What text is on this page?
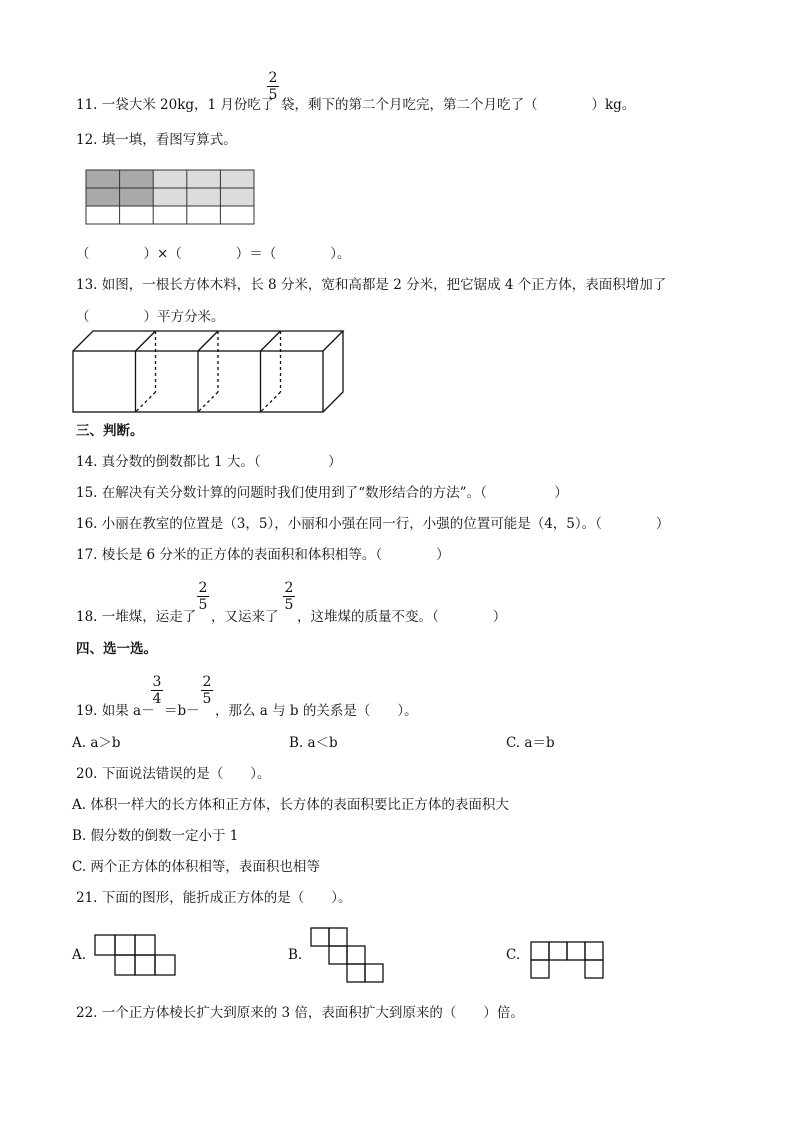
11. 一袋大米 20kg，1 月份吃了
2
5
袋，剩下的第二个月吃完，第二个月吃了（　　　　）kg。
12. 填一填，看图写算式。
（　　　　）×（　　　　）＝（　　　　）。
13. 如图，一根长方体木料，长 8 分米，宽和高都是 2 分米，把它锯成 4 个正方体，表面积增加了
（　　　　）平方分米。
三、判断。
14. 真分数的倒数都比 1 大。（　　　　　）
15. 在解决有关分数计算的问题时我们使用到了“数形结合的方法”。（　　　　　）
16. 小丽在教室的位置是（3，5），小丽和小强在同一行，小强的位置可能是（4，5）。（　　　　）
17. 棱长是 6 分米的正方体的表面积和体积相等。（　　　　）
18. 一堆煤，运走了
2
5
，又运来了
2
5
，这堆煤的质量不变。（　　　　）
四、选一选。
19. 如果 a－
3
4
＝b－
2
5
，那么 a 与 b 的关系是（　　）。
A. a＞b	B. a＜b	C. a＝b
20. 下面说法错误的是（　　）。
A. 体积一样大的长方体和正方体，长方体的表面积要比正方体的表面积大
B. 假分数的倒数一定小于 1
C. 两个正方体的体积相等，表面积也相等
21. 下面的图形，能折成正方体的是（　　）。
A.	B.	C.
22. 一个正方体棱长扩大到原来的 3 倍，表面积扩大到原来的（　　）倍。
